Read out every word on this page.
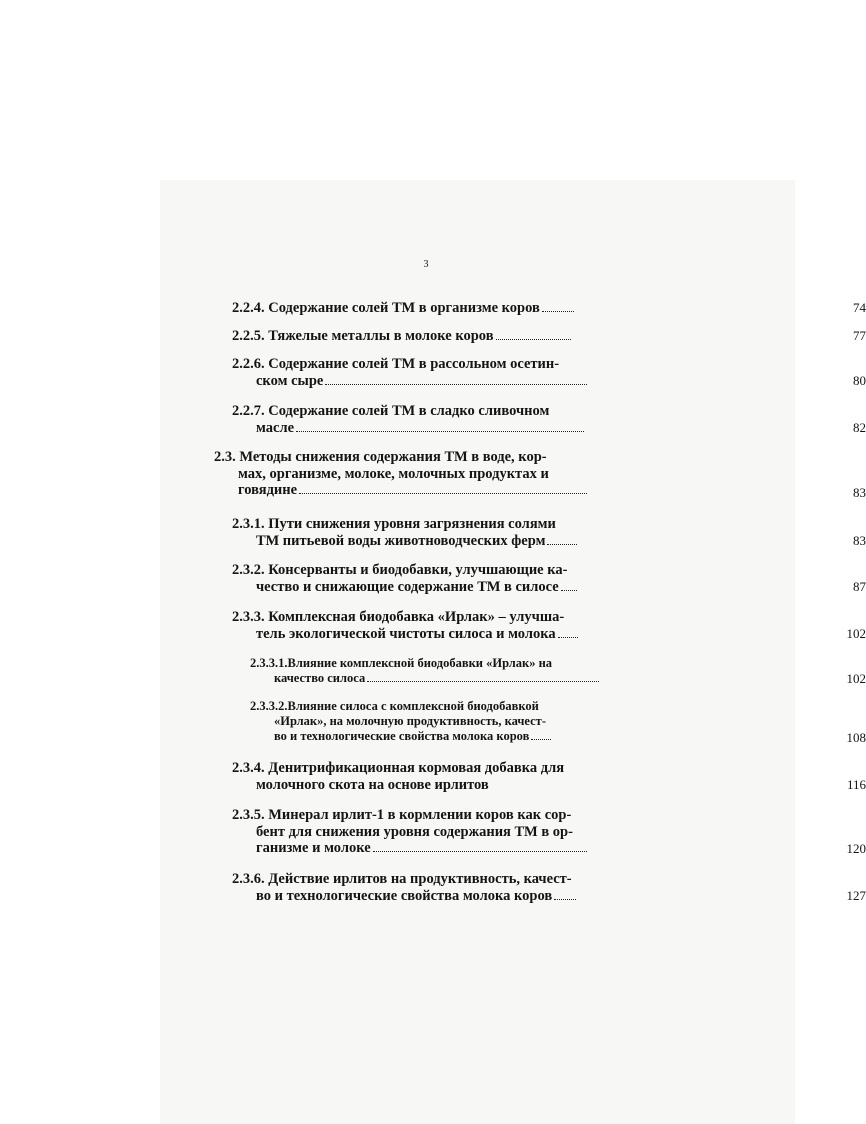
3
2.2.4. Содержание солей ТМ в организме коров	74
2.2.5. Тяжелые металлы в молоке коров	77
2.2.6. Содержание солей ТМ в рассольном осетин-
ском сыре	80
2.2.7. Содержание солей ТМ в сладко сливочном
масле	82
2.3. Методы снижения содержания ТМ в воде, кор-
мах, организме, молоке, молочных продуктах и
говядине	83
2.3.1. Пути снижения уровня загрязнения солями
ТМ питьевой воды животноводческих ферм	83
2.3.2. Консерванты и биодобавки, улучшающие ка-
чество и снижающие содержание ТМ в силосе	87
2.3.3. Комплексная биодобавка «Ирлак» – улучша-
тель экологической чистоты силоса и молока	102
2.3.3.1.Влияние комплексной биодобавки «Ирлак» на
качество силоса	102
2.3.3.2.Влияние силоса с комплексной биодобавкой
«Ирлак», на молочную продуктивность, качест-
во и технологические свойства молока коров	108
2.3.4. Денитрификационная кормовая добавка для
молочного скота на основе ирлитов	116
2.3.5. Минерал ирлит-1 в кормлении коров как сор-
бент для снижения уровня содержания ТМ в ор-
ганизме и молоке	120
2.3.6. Действие ирлитов на продуктивность, качест-
во и технологические свойства молока коров	127
